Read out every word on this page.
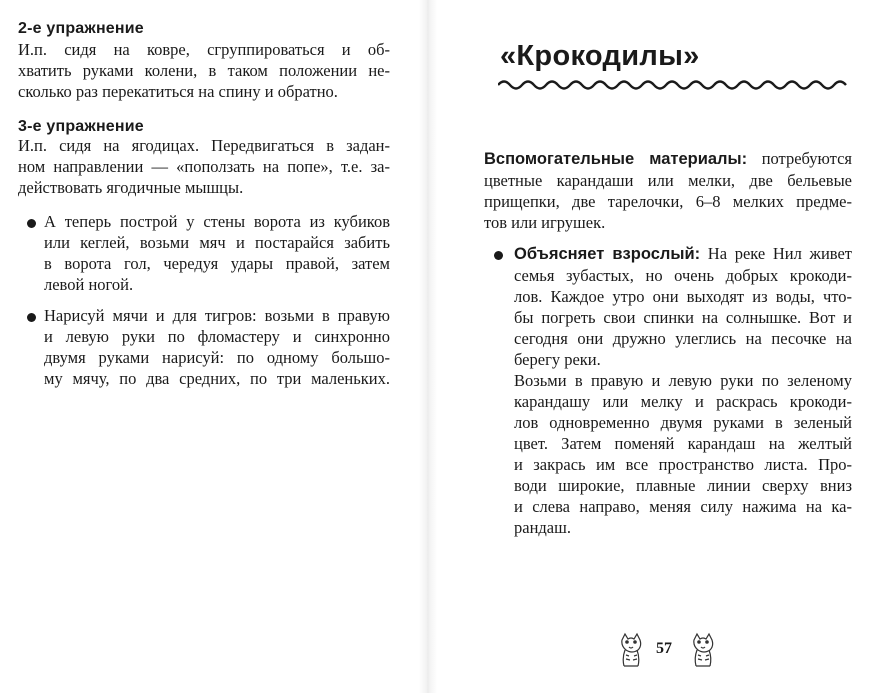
2-е упражнение
И.п. сидя на ковре, сгруппироваться и об-
хватить руками колени, в таком положении не-
сколько раз перекатиться на спину и обратно.
3-е упражнение
И.п. сидя на ягодицах. Передвигаться в задан-
ном направлении — «поползать на попе», т.е. за-
действовать ягодичные мышцы.
А теперь построй у стены ворота из кубиков
или кеглей, возьми мяч и постарайся забить
в ворота гол, чередуя удары правой, затем
левой ногой.
Нарисуй мячи и для тигров: возьми в правую
и левую руки по фломастеру и синхронно
двумя руками нарисуй: по одному большо-
му мячу, по два средних, по три маленьких.
«Крокодилы»
Вспомогательные материалы: потребуются
цветные карандаши или мелки, две бельевые
прищепки, две тарелочки, 6–8 мелких предме-
тов или игрушек.
Объясняет взрослый: На реке Нил живет
семья зубастых, но очень добрых крокоди-
лов. Каждое утро они выходят из воды, что-
бы погреть свои спинки на солнышке. Вот и
сегодня они дружно улеглись на песочке на
берегу реки.
Возьми в правую и левую руки по зеленому
карандашу или мелку и раскрась крокоди-
лов одновременно двумя руками в зеленый
цвет. Затем поменяй карандаш на желтый
и закрась им все пространство листа. Про-
води широкие, плавные линии сверху вниз
и слева направо, меняя силу нажима на ка-
рандаш.
57
